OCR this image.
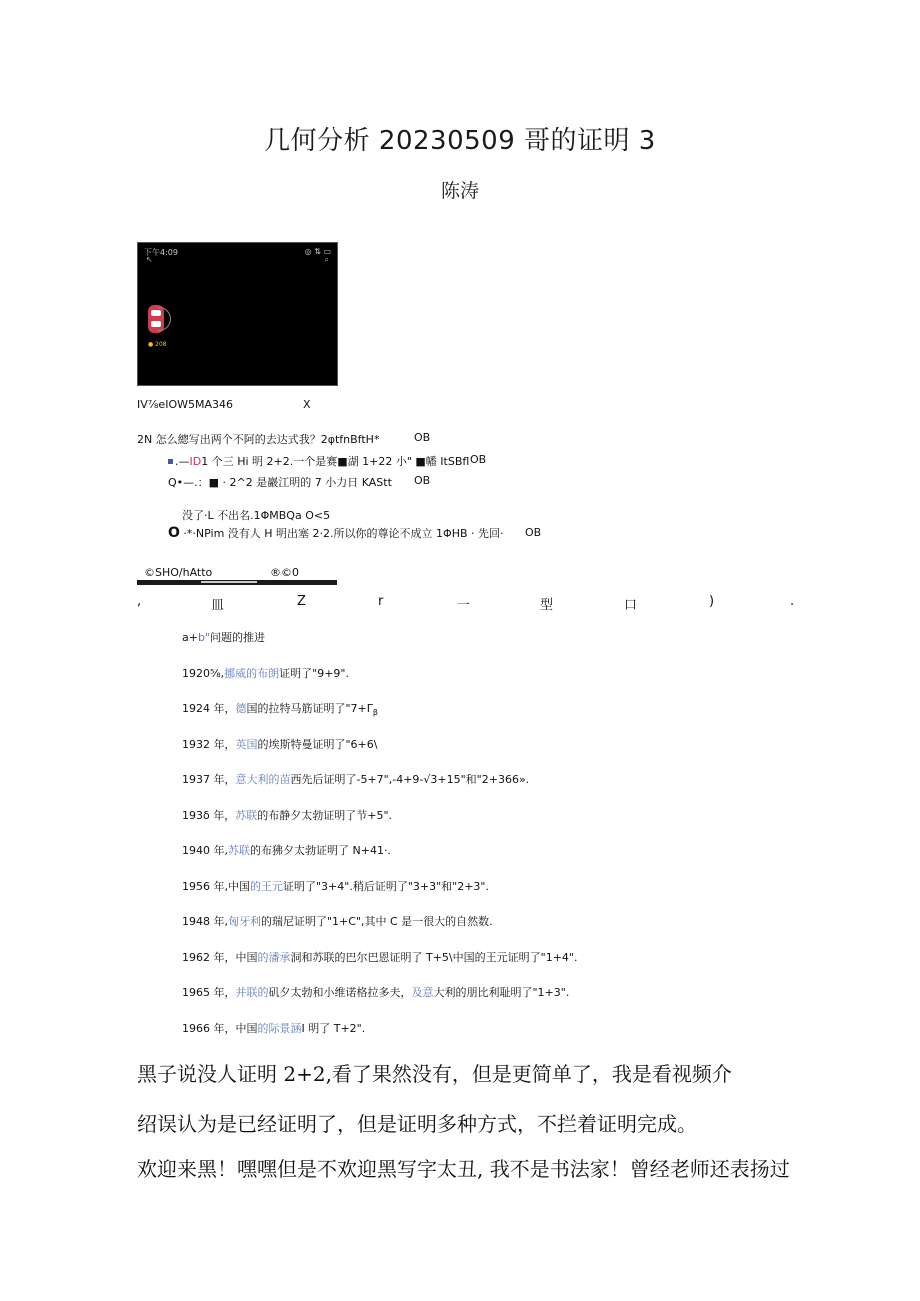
几何分析 20230509 哥的证明 3
陈涛
下午4:09	◎ ⇅ ▭
↖	⌕
● 208
IV⅞eIOW5MA346	X
2N 怎么總写出两个不阿的去达式我？2φtfnBftH*	OB
.—ID1 个三 Hi 明 2+2.一个是赛■湖 1+22 小" ■幡 ItSBfl OB
Q•—.：■ · 2^2 是巖江明的 7 小力日 KAStt OB
没了·L 不出名.1ΦMBQa O<5
O ·*·NPim 没有人 H 明出塞 2·2.所以你的尊论不成立 1ΦHB · 先回· OB
©SHO/hAtto	®©0
,	皿	Z	r	一	型	口	)	.
a+b"问题的推进
1920⅝,挪威的布朗证明了"9+9".
1924 年，德国的拉特马筋证明了"$7+\Gamma_\beta$
1932 年，英国的埃斯特曼证明了"6+6\
1937 年，意大利的苗西先后证明了-5+7",-4+9-√3+15"和"2+366».
193δ 年，苏联的布静夕太勃证明了节+5".
1940 年,苏联的布狒夕太勃证明了 N+41·.
1956 年,中国的王元证明了"3+4".稍后证明了"3+3"和"2+3".
1948 年,匈牙利的瑞尼证明了"1+C",其中 C 是一很大的自然数.
1962 年，中国的潘承洞和苏联的巴尔巴恩证明了 T+5\中国的王元证明了"1+4".
1965 年，并联的矶夕太勃和小维诺格拉多夫，及意大利的朋比利耻明了"1+3".
1966 年，中国的际景涵I 明了 T+2".
黑子说没人证明 2+2,看了果然没有，但是更简单了，我是看视频介
绍误认为是已经证明了，但是证明多种方式，不拦着证明完成。
欢迎来黑！嘿嘿但是不欢迎黑写字太丑, 我不是书法家！曾经老师还表扬过
